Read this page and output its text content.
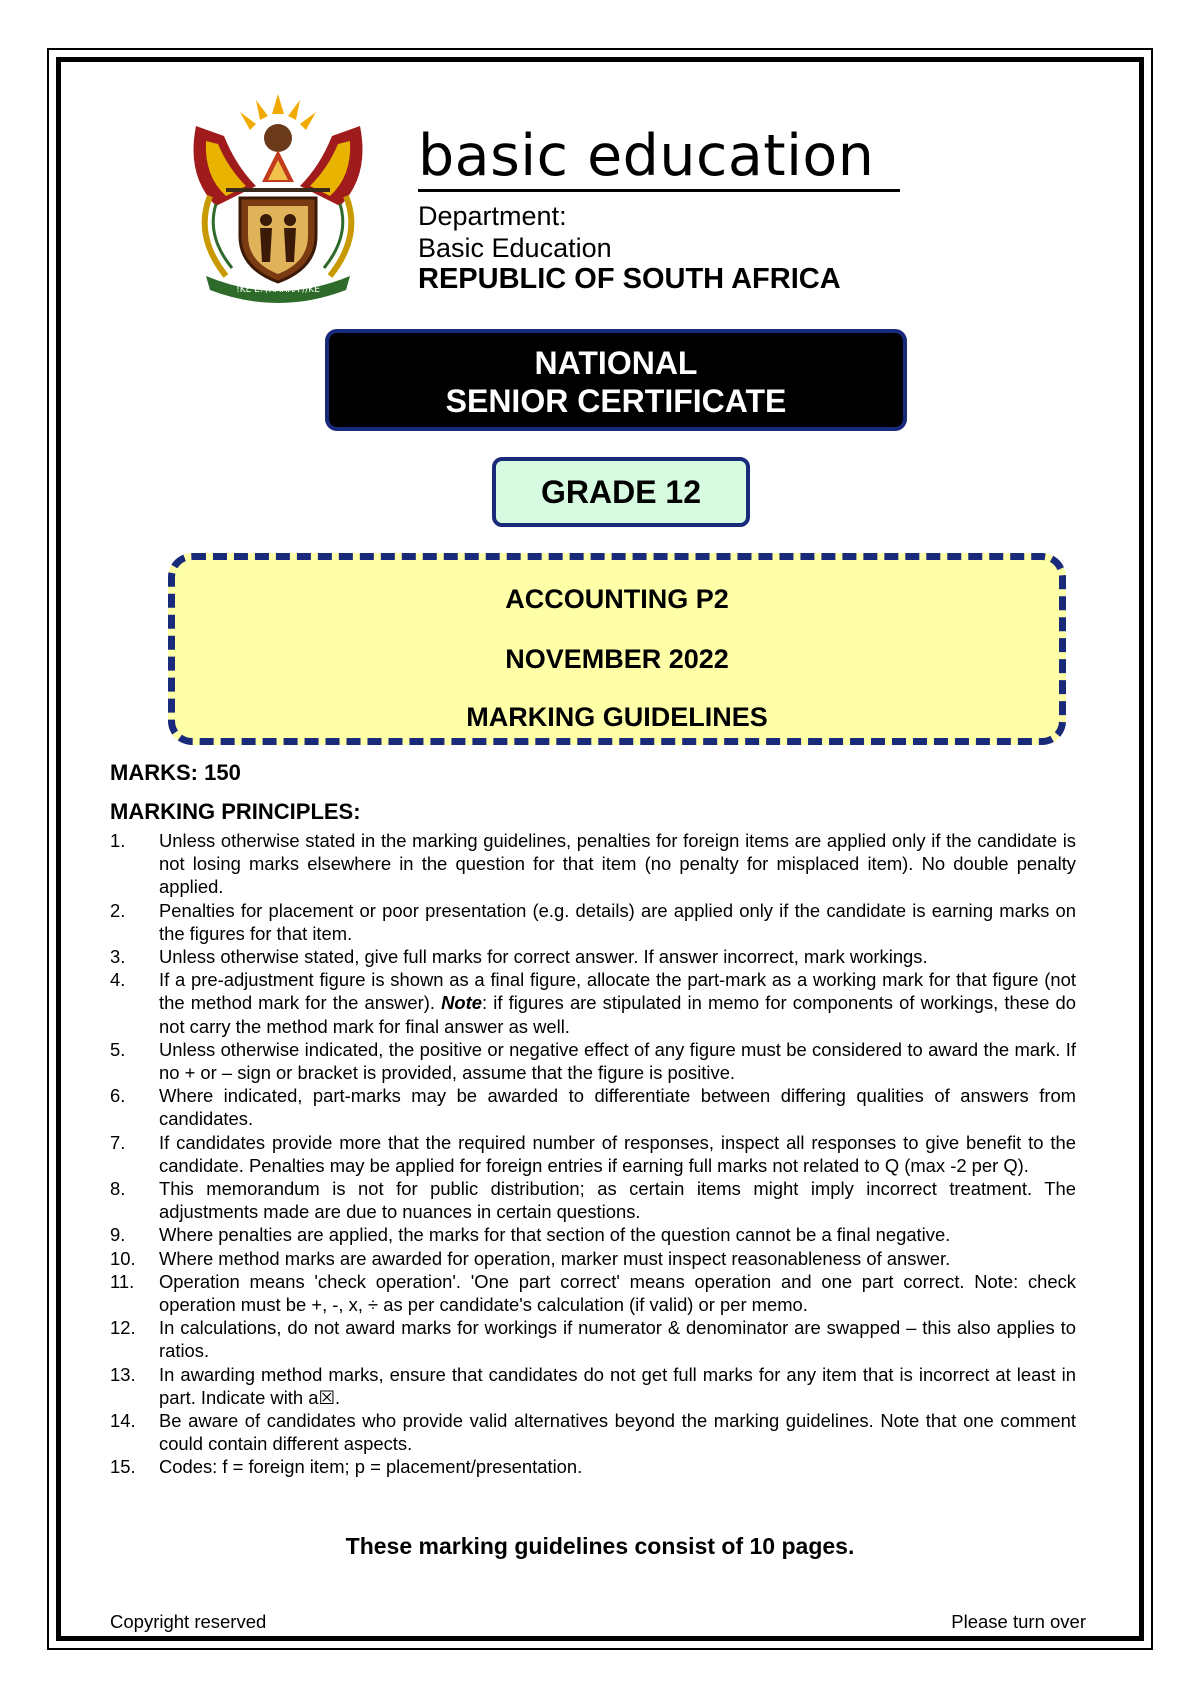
!KE E: /XARRA //KE
basic education
Department:
Basic Education
REPUBLIC OF SOUTH AFRICA
NATIONAL
SENIOR CERTIFICATE
GRADE 12
ACCOUNTING P2
NOVEMBER 2022
MARKING GUIDELINES
MARKS: 150
MARKING PRINCIPLES:
1. Unless otherwise stated in the marking guidelines, penalties for foreign items are applied only if the candidate is not losing marks elsewhere in the question for that item (no penalty for misplaced item). No double penalty applied.
2. Penalties for placement or poor presentation (e.g. details) are applied only if the candidate is earning marks on the figures for that item.
3. Unless otherwise stated, give full marks for correct answer. If answer incorrect, mark workings.
4. If a pre-adjustment figure is shown as a final figure, allocate the part-mark as a working mark for that figure (not the method mark for the answer). Note: if figures are stipulated in memo for components of workings, these do not carry the method mark for final answer as well.
5. Unless otherwise indicated, the positive or negative effect of any figure must be considered to award the mark. If no + or – sign or bracket is provided, assume that the figure is positive.
6. Where indicated, part-marks may be awarded to differentiate between differing qualities of answers from candidates.
7. If candidates provide more that the required number of responses, inspect all responses to give benefit to the candidate. Penalties may be applied for foreign entries if earning full marks not related to Q (max -2 per Q).
8. This memorandum is not for public distribution; as certain items might imply incorrect treatment. The adjustments made are due to nuances in certain questions.
9. Where penalties are applied, the marks for that section of the question cannot be a final negative.
10. Where method marks are awarded for operation, marker must inspect reasonableness of answer.
11. Operation means 'check operation'. 'One part correct' means operation and one part correct. Note: check operation must be +, -, x, ÷ as per candidate's calculation (if valid) or per memo.
12. In calculations, do not award marks for workings if numerator & denominator are swapped – this also applies to ratios.
13. In awarding method marks, ensure that candidates do not get full marks for any item that is incorrect at least in part. Indicate with a☒.
14. Be aware of candidates who provide valid alternatives beyond the marking guidelines. Note that one comment could contain different aspects.
15. Codes: f = foreign item; p = placement/presentation.
These marking guidelines consist of 10 pages.
Copyright reserved	Please turn over
